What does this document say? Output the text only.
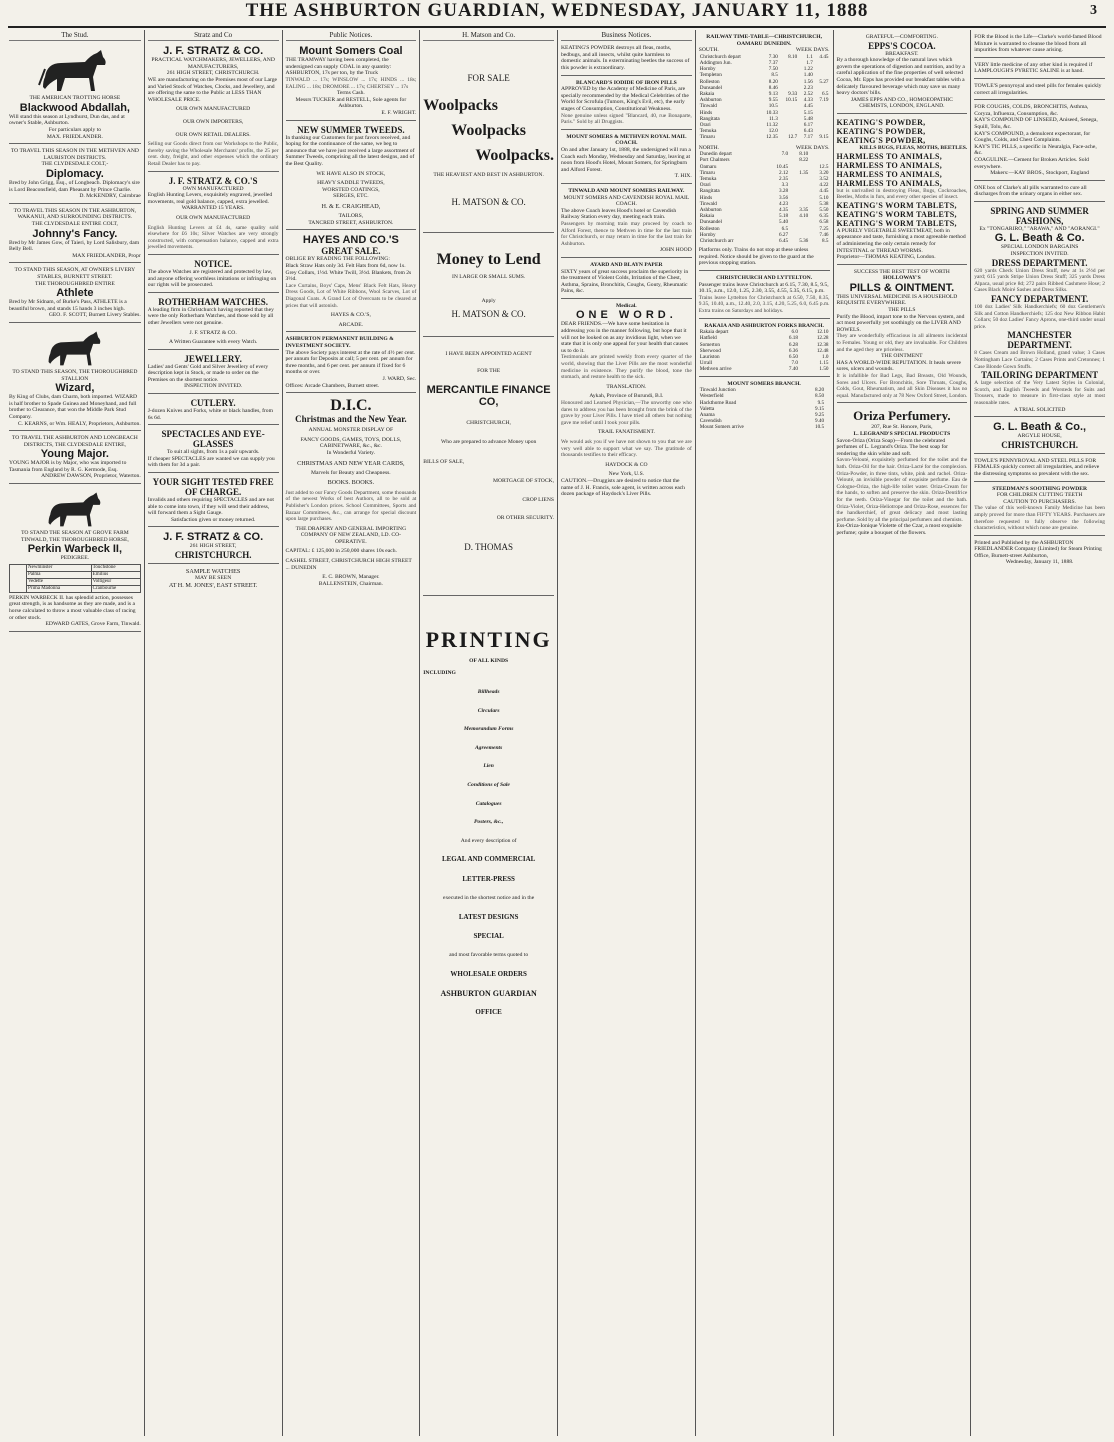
THE ASHBURTON GUARDIAN, WEDNESDAY, JANUARY 11, 1888	3
The Stud.
THE AMERICAN TROTTING HORSE
Blackwood Abdallah,
Will stand this season at Lyndhurst, Dun das, and at owner's Stable, Ashburton.
For particulars apply to
MAX. FRIEDLANDER.
TO TRAVEL THIS SEASON IN THE METHVEN AND LAURISTON DISTRICTS.
THE CLYDESDALE COLT,-
Diplomacy.
Bred by John Grigg, Esq., of Longbeach. Diplomacy's sire is Lord Beaconsfield, dam Pheasant by Prince Charlie.
D. McKENDRY, Cairnbrae
TO TRAVEL THIS SEASON IN THE ASHBURTON, WAKANUI, AND SURROUNDING DISTRICTS.
THE CLYDESDALE ENTIRE COLT,
Johnny's Fancy.
Bred by Mr James Gow, of Taieri, by Lord Salisbury, dam Belly Bell.
MAX FRIEDLANDER, Propr
TO STAND THIS SEASON, AT OWNER'S LIVERY STABLES, BURNETT STREET.
THE THOROUGHBRED ENTIRE
Athlete
Bred by Mr Sidnam, of Burke's Pass, ATHLETE is a beautiful brown, and stands 15 hands 3 inches high.
GEO. F. SCOTT, Burnett Livery Stables.
TO STAND THIS SEASON, THE THOROUGHBRED STALLION
Wizard,
By King of Clubs, dam Charm, both imported. WIZARD is half brother to Spade Guinea and Moneyhand, and full brother to Clearance, that won the Middle Park Stud Company.
C. KEARNS, or Wm. HEALY, Proprietors, Ashburton.
TO TRAVEL THE ASHBURTON AND LONGBEACH DISTRICTS, THE CLYDESDALE ENTIRE,
Young Major.
YOUNG MAJOR is by Major, who was imported to Tasmania from England by R. G. Kermode, Esq.
ANDREW DAWSON, Proprietor, Waterton.
TO STAND THE SEASON AT GROVE FARM TINWALD, THE THOROUGHBRED HORSE,
Perkin Warbeck II,
PEDIGREE.
	Newminster	Touchstone
	Palma	Emilius
	Vedette	Voltigeur
	Prima Madonna	Cranbourne
PERKIN WARBECK II. has splendid action, possesses great strength, is as handsome as they are made, and is a horse calculated to throw a most valuable class of racing or other stock.
EDWARD GATES, Grove Farm, Tinwald.
Stratz and Co
J. F. STRATZ & CO.
PRACTICAL WATCHMAKERS, JEWELLERS, AND MANUFACTURERS,
261 HIGH STREET, CHRISTCHURCH.
WE are manufacturing on the Premises most of our Large and Varied Stock of Watches, Clocks, and Jewellery, and are offering the same to the Public at LESS THAN WHOLESALE PRICE.
OUR OWN MANUFACTURED
OUR OWN IMPORTERS,
OUR OWN RETAIL DEALERS.
Selling our Goods direct from our Workshops to the Public, thereby saving the Wholesale Merchants' profits, the 25 per cent. duty, freight, and other expenses which the ordinary Retail Dealer has to pay.
J. F. STRATZ & CO.'S
OWN MANUFACTURED
English Hunting Levers, exquisitely engraved, jewelled movements, real gold balance, capped, extra jewelled.
WARRANTED 15 YEARS.
OUR OWN MANUFACTURED
English Hunting Levers at £4 4s, same quality sold elsewhere for £6 10s; Silver Watches are very strongly constructed, with compensation balance, capped and extra jewelled movements.
NOTICE.
The above Watches are registered and protected by law, and anyone offering worthless imitations or infringing on our rights will be prosecuted.
ROTHERHAM WATCHES.
A leading firm in Christchurch having reported that they were the only Rotherham Watches, and those sold by all other Jewellers were not genuine.
J. F. STRATZ & CO.
A Written Guarantee with every Watch.
JEWELLERY.
Ladies' and Gents' Gold and Silver Jewellery of every description kept in Stock, or made to order on the Premises on the shortest notice.
INSPECTION INVITED.
CUTLERY.
J-dozen Knives and Forks, white or black handles, from 6s 6d.
SPECTACLES AND EYE-GLASSES
To suit all sights, from 1s a pair upwards.
If cheaper SPECTACLES are wanted we can supply you with them for 3d a pair.
YOUR SIGHT TESTED FREE OF CHARGE.
Invalids and others requiring SPECTACLES and are not able to come into town, if they will send their address, will forward them a Sight Gauge.
Satisfaction given or money returned.
J. F. STRATZ & CO.
261 HIGH STREET,
CHRISTCHURCH.
SAMPLE WATCHES
MAY BE SEEN
AT H. M. JONES', EAST STREET.
Public Notices.
Mount Somers Coal
THE TRAMWAY having been completed, the undersigned can supply COAL in any quantity:
ASHBURTON, 17s per ton, by the Truck
TINWALD ... 17s; WINSLOW ... 17s; HINDS ... 18s; EALING ... 18s; DROMORE ... 17s; CHERTSEY ... 17s
Terms Cash.
Messrs TUCKER and RESTELL, Sole agents for Ashburton.
E. F. WRIGHT.
NEW SUMMER TWEEDS.
In thanking our Customers for past favors received, and hoping for the continuance of the same, we beg to announce that we have just received a large assortment of Summer Tweeds, comprising all the latest designs, and of the Best Quality.
WE HAVE ALSO IN STOCK,
HEAVY SADDLE TWEEDS,
WORSTED COATINGS,
SERGES, ETC.
H. & E. CRAIGHEAD,
TAILORS,
TANCRED STREET, ASHBURTON.
HAYES AND CO.'S
GREAT SALE.
OBLIGE BY READING THE FOLLOWING:
Black Straw Hats only 3d. Felt Hats from 6d, now 1s. Grey Collars, 1½d. White Twill, 3½d. Blankets, from 2s 3½d.
Lace Curtains, Boys' Caps, Mens' Black Felt Hats, Heavy Dress Goods, Lot of White Ribbons, Wool Scarves, Lot of Diagonal Coats. A Grand Lot of Overcoats to be cleared at prices that will astonish.
HAYES & CO.'S,
ARCADE.
ASHBURTON PERMANENT BUILDING & INVESTMENT SOCIETY.
The above Society pays interest at the rate of 4½ per cent. per annum for Deposits at call; 5 per cent. per annum for three months, and 6 per cent. per annum if fixed for 6 months or over.
J. WARD, Sec.
Offices: Arcade Chambers, Burnett street.
D.I.C.
Christmas and the New Year.
ANNUAL MONSTER DISPLAY OF
FANCY GOODS, GAMES, TOYS, DOLLS, CABINETWARE, &c., &c.
In Wonderful Variety.
CHRISTMAS AND NEW YEAR CARDS,
Marvels for Beauty and Cheapness.
BOOKS. BOOKS.
Just added to our Fancy Goods Department, some thousands of the newest Works of best Authors, all to be sold at Publisher's London prices. School Committees, Sports and Bazaar Committees, &c., can arrange for special discount upon large purchases.
THE DRAPERY AND GENERAL IMPORTING COMPANY OF NEW ZEALAND, LD. CO-OPERATIVE.
CAPITAL: £ 125,000 in 250,000 shares 10s each.
CASHEL STREET, CHRISTCHURCH HIGH STREET ... DUNEDIN
E. C. BROWN, Manager.
BALLENSTEIN, Chairman.
H. Matson and Co.
FOR SALE
Woolpacks
Woolpacks
Woolpacks.
THE HEAVIEST AND BEST IN ASHBURTON.
H. MATSON & CO.
Money to Lend
IN LARGE OR SMALL SUMS.
Apply
H. MATSON & CO.
I HAVE BEEN APPOINTED AGENT
FOR THE
MERCANTILE FINANCE CO,
CHRISTCHURCH,
Who are prepared to advance Money upon
BILLS OF SALE,
MORTGAGE OF STOCK,
CROP LIENS
OR OTHER SECURITY.
D. THOMAS
PRINTING
OF ALL KINDS
INCLUDING
Billheads
Circulars
Memorandum Forms
Agreements
Lien
Conditions of Sale
Catalogues
Posters, &c.,
And every description of
LEGAL AND COMMERCIAL
LETTER-PRESS
executed in the shortest notice and in the
LATEST DESIGNS
SPECIAL
and most favorable terms quoted to
WHOLESALE ORDERS
ASHBURTON GUARDIAN
OFFICE
Business Notices.
KEATING'S POWDER destroys all fleas, moths, bedbugs, and all insects, whilst quite harmless to domestic animals. In exterminating beetles the success of this powder is extraordinary.
BLANCARD'S IODIDE OF IRON PILLS
APPROVED by the Academy of Medicine of Paris, are specially recommended by the Medical Celebrities of the World for Scrofula (Tumors, King's Evil, etc), the early stages of Consumption, Constitutional Weakness.
None genuine unless signed "Blancard, 40, rue Bonaparte, Paris." Sold by all Druggists.
MOUNT SOMERS & METHVEN ROYAL MAIL COACH.
On and after January 1st, 1888, the undersigned will run a Coach each Monday, Wednesday and Saturday, leaving at noon from Hood's Hotel, Mount Somers, for Springburn and Alford Forest.
T. HIX.
TINWALD AND MOUNT SOMERS RAILWAY.
MOUNT SOMERS AND CAVENDISH ROYAL MAIL COACH.
The above Coach leaves Hood's hotel or Cavendish Railway Station every day, meeting each train.
Passengers by morning train may proceed by coach to Alford Forest, thence to Methven in time for the last train for Christchurch, or may return in time for the last train for Ashburton.
JOHN HOOD
AYARD AND BLAYN PAPER
SIXTY years of great success proclaim the superiority in the treatment of Violent Colds, Irritation of the Chest, Asthma, Sprains, Bronchitis, Coughs, Gouty, Rheumatic Pains, &c.
Medical.
ONE WORD.
DEAR FRIENDS.—We have some hesitation in addressing you in the manner following, but hope that it will not be looked on as any invidious light, when we state that it is only one appeal for your health that causes us to do it.
Testimonials are printed weekly from every quarter of the world, showing that the Liver Pills are the most wonderful medicine in existence. They purify the blood, tone the stomach, and restore health to the sick.
TRANSLATION.
Aykah, Province of Burundi, B.I.
Honoured and Learned Physician,—The unworthy one who dares to address you has been brought from the brink of the grave by your Liver Pills. I have tried all others but nothing gave me relief until I took your pills.
TRAIL FANATISMENT.
We would ask you if we have not shown to you that we are very well able to support what we say. The gratitude of thousands testifies to their efficacy.
HAYDOCK & CO
New York, U.S.
CAUTION.—Druggists are desired to notice that the name of J. H. Francis, sole agent, is written across each dozen package of Haydock's Liver Pills.
RAILWAY TIME-TABLE—CHRISTCHURCH, OAMARU DUNEDIN.
SOUTH.	WEEK DAYS.
Christchurch depart	7.30	8.10	1.1	4.45
Addington Jun.	7.37		1.7	
Hornby	7.50		1.22	
Templeton	8.5		1.40	
Rolleston	8.20		1.56	5.27
Dunsandel	8.46		2.23	
Rakaia	9.13	9.33	2.52	6.5
Ashburton	9.55	10.15	4.33	7.19
Tinwald	10.5		4.45	
Hinds	10.33		5.15	
Rangitata	11.3		5.48	
Orari	11.32		6.17	
Temuka	12.0		6.43	
Timaru	12.35	12.7	7.17	9.15
NORTH.	WEEK DAYS.
Dunedin depart	7.0	8.10	
Port Chalmers		8.22	
Oamaru	10.45		12.5
Timaru	2.12	1.35	3.20
Temuka	2.35		3.52
Orari	3.3		4.22
Rangitata	3.28		4.45
Hinds	3.56		5.10
Tinwald	4.23		5.38
Ashburton	4.35	3.35	5.50
Rakaia	5.18	4.10	6.35
Dunsandel	5.40		6.58
Rolleston	6.5		7.25
Hornby	6.27		7.46
Christchurch arr	6.45	5.36	8.5
Platforms only. Trains do not stop at these unless required. Notice should be given to the guard at the previous stopping station.
CHRISTCHURCH AND LYTTELTON.
Passenger trains leave Christchurch at 6.15, 7.30, 8.5, 9.5, 10.15, a.m., 12.0, 1.25, 2.30, 3.55, 4.55, 5.35, 6.15, p.m.
Trains leave Lyttelton for Christchurch at 6.50, 7.50, 8.35, 9.35, 10.40, a.m., 12.40, 2.0, 3.15, 4.20, 5.25, 6.0, 6.45 p.m. Extra trains on Saturdays and holidays.
RAKAIA AND ASHBURTON FORKS BRANCH.
Rakaia depart	6.0	12.10
Hatfield	6.18	12.28
Somerton	6.28	12.38
Sherwood	6.36	12.48
Lauriston	6.50	1.0
Urrall	7.0	1.15
Methven arrive	7.40	1.50
MOUNT SOMERS BRANCH.
Tinwald Junction	8.20	
Westerfield	8.50	
Hackthorne Road	9.5	
Valetta	9.15	
Anama	9.25	
Cavendish	9.40	
Mount Somers arrive	10.5	
GRATEFUL—COMFORTING.
EPPS'S COCOA.
BREAKFAST.
By a thorough knowledge of the natural laws which govern the operations of digestion and nutrition, and by a careful application of the fine properties of well selected Cocoa, Mr. Epps has provided our breakfast tables with a delicately flavoured beverage which may save us many heavy doctors' bills.
JAMES EPPS AND CO., HOMOEOPATHIC CHEMISTS, LONDON, ENGLAND.
KEATING'S POWDER,
KEATING'S POWDER,
KEATING'S POWDER,
KILLS BUGS, FLEAS, MOTHS, BEETLES.
HARMLESS TO ANIMALS,
HARMLESS TO ANIMALS,
HARMLESS TO ANIMALS,
HARMLESS TO ANIMALS,
but is unrivalled in destroying Fleas, Bugs, Cockroaches, Beetles, Moths in furs, and every other species of insect.
KEATING'S WORM TABLETS,
KEATING'S WORM TABLETS,
KEATING'S WORM TABLETS,
A PURELY VEGETABLE SWEETMEAT, both in appearance and taste, furnishing a most agreeable method of administering the only certain remedy for INTESTINAL or THREAD WORMS.
Proprietor—THOMAS KEATING, London.
SUCCESS THE BEST TEST OF WORTH
HOLLOWAY'S
PILLS & OINTMENT.
THIS UNIVERSAL MEDICINE IS A HOUSEHOLD REQUISITE EVERYWHERE.
THE PILLS
Purify the Blood, impart tone to the Nervous system, and act most powerfully yet soothingly on the LIVER AND BOWELS.
They are wonderfully efficacious in all ailments incidental to Females. Young or old, they are invaluable. For Children and the aged they are priceless.
THE OINTMENT
HAS A WORLD-WIDE REPUTATION. It heals severe sores, ulcers and wounds.
It is infallible for Bad Legs, Bad Breasts, Old Wounds, Sores and Ulcers. For Bronchitis, Sore Throats, Coughs, Colds, Gout, Rheumatism, and all Skin Diseases it has no equal. Manufactured only at 78 New Oxford Street, London.
Oriza Perfumery.
207, Rue St. Honore, Paris,
L. LEGRAND'S SPECIAL PRODUCTS
Savon-Oriza (Oriza Soap)—From the celebrated perfumes of L. Legrand's Oriza. The best soap for rendering the skin white and soft.
Savon-Velouté, exquisitely perfumed for the toilet and the bath. Oriza-Oil for the hair. Oriza-Lacté for the complexion. Oriza-Powder, in three tints, white, pink and rachel. Oriza-Velouté, an invisible powder of exquisite perfume. Eau de Cologne-Oriza, the high-life toilet water. Oriza-Cream for the hands, to soften and preserve the skin. Oriza-Dentifrice for the teeth. Oriza-Vinegar for the toilet and the bath. Oriza-Violet, Oriza-Heliotrope and Oriza-Rose, essences for the handkerchief, of great delicacy and most lasting perfume. Sold by all the principal perfumers and chemists.
Ess-Oriza-Ionique Violette of the Czar, a most exquisite perfume; quite a bouquet of the flowers.
FOR the Blood is the Life—Clarke's world-famed Blood Mixture is warranted to cleanse the blood from all impurities from whatever cause arising.
VERY little medicine of any other kind is required if LAMPLOUGH'S PYRETIC SALINE is at hand.
TOWLE'S pennyroyal and steel pills for females quickly correct all irregularities.
FOR COUGHS, COLDS, BRONCHITIS, Asthma, Coryza, Influenza, Consumption, &c.
KAY'S COMPOUND OF LINSEED, Aniseed, Senega, Squill, Tolu, &c.
KAY'S COMPOUND, a demulcent expectorant, for Coughs, Colds, and Chest Complaints.
KAY'S TIC PILLS, a specific in Neuralgia, Face-ache, &c.
COAGULINE.—Cement for Broken Articles. Sold everywhere.
Makers:—KAY BROS., Stockport, England
ONE box of Clarke's all pills warranted to cure all discharges from the urinary organs in either sex.
SPRING AND SUMMER FASHIONS,
Ex "TONGARIRO," "ARAWA," AND "AORANGI."
G. L. Beath & Co.
SPECIAL LONDON BARGAINS
INSPECTION INVITED.
DRESS DEPARTMENT.
620 yards Check Union Dress Stuff, new at 1s 2½d per yard; 615 yards Stripe Union Dress Stuff; 325 yards Dress Alpaca, usual price 8d; 272 pairs Ribbed Cashmere Hose; 2 Cases Black Moiré Sashes and Dress Silks.
FANCY DEPARTMENT.
100 doz Ladies' Silk Handkerchiefs; 60 doz Gentlemen's Silk and Cotton Handkerchiefs; 125 doz New Ribbon Habit Collars; 50 doz Ladies' Fancy Aprons, one-third under usual price.
MANCHESTER DEPARTMENT.
8 Cases Cream and Brown Holland, grand value; 3 Cases Nottingham Lace Curtains; 2 Cases Prints and Cretonnes; 1 Case Blonde Gown Stuffs.
TAILORING DEPARTMENT
A large selection of the Very Latest Styles in Colonial, Scotch, and English Tweeds and Worsteds for Suits and Trousers, made to measure in first-class style at most reasonable rates.
A TRIAL SOLICITED
G. L. Beath & Co.,
ARGYLE HOUSE,
CHRISTCHURCH.
TOWLE'S PENNYROYAL AND STEEL PILLS FOR FEMALES quickly correct all irregularities, and relieve the distressing symptoms so prevalent with the sex.
STEEDMAN'S SOOTHING POWDER
FOR CHILDREN CUTTING TEETH
CAUTION TO PURCHASERS.
The value of this well-known Family Medicine has been amply proved for more than FIFTY YEARS. Purchasers are therefore requested to fully observe the following characteristics, without which none are genuine.
Printed and Published by the ASHBURTON FRIEDLANDER Company (Limited) for Steam Printing Office, Burnett-street Ashburton,
Wednesday, January 11, 1888.
